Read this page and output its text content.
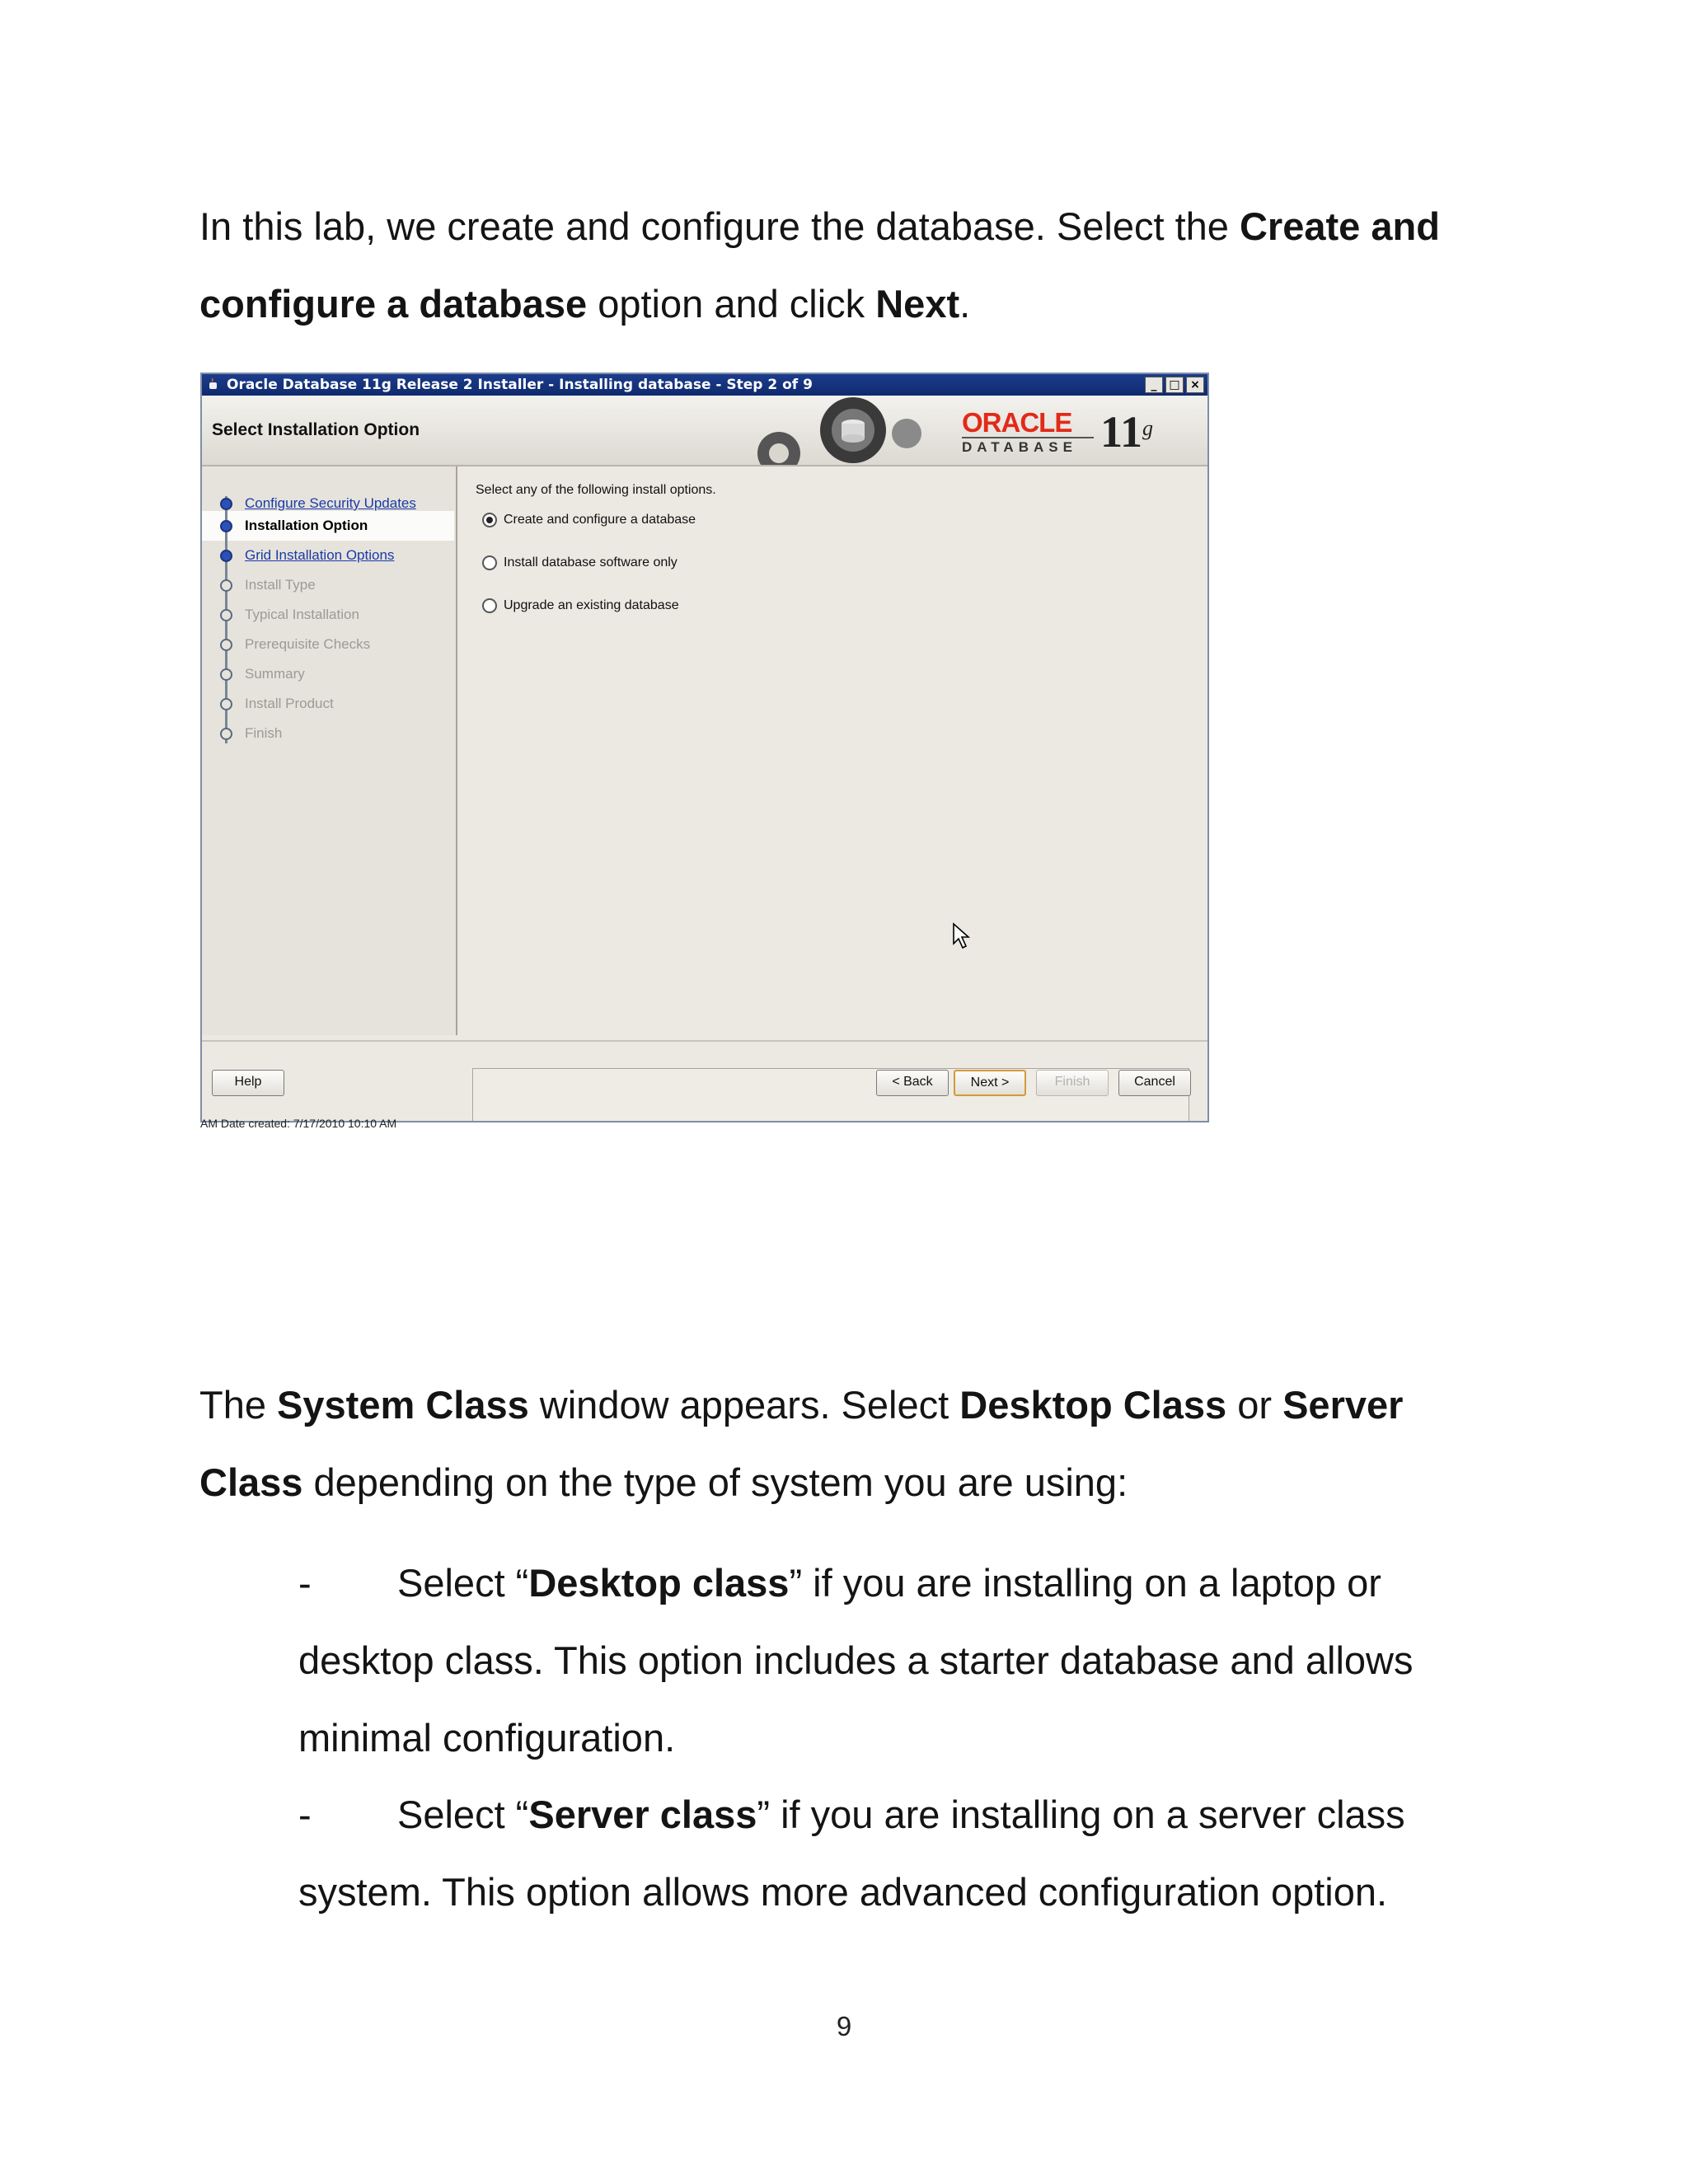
In this lab, we create and configure the database. Select the Create and configure a database option and click Next.

Oracle Database 11g Release 2 Installer - Installing database - Step 2 of 9	_	□ ×
Select Installation Option	ORACLE
DATABASE 11$^g$
Configure Security Updates
Installation Option
Grid Installation Options
Install Type
Typical Installation
Prerequisite Checks
Summary
Install Product
Finish
Select any of the following install options.
Create and configure a database
Install database software only
Upgrade an existing database
Help	< Back	Next >	Finish	Cancel
AM Date created: 7/17/2010 10:10 AM

The System Class window appears. Select Desktop Class or Server Class depending on the type of system you are using:

- Select “Desktop class” if you are installing on a laptop or desktop class. This option includes a starter database and allows minimal configuration.

- Select “Server class” if you are installing on a server class system. This option allows more advanced configuration option.

9
